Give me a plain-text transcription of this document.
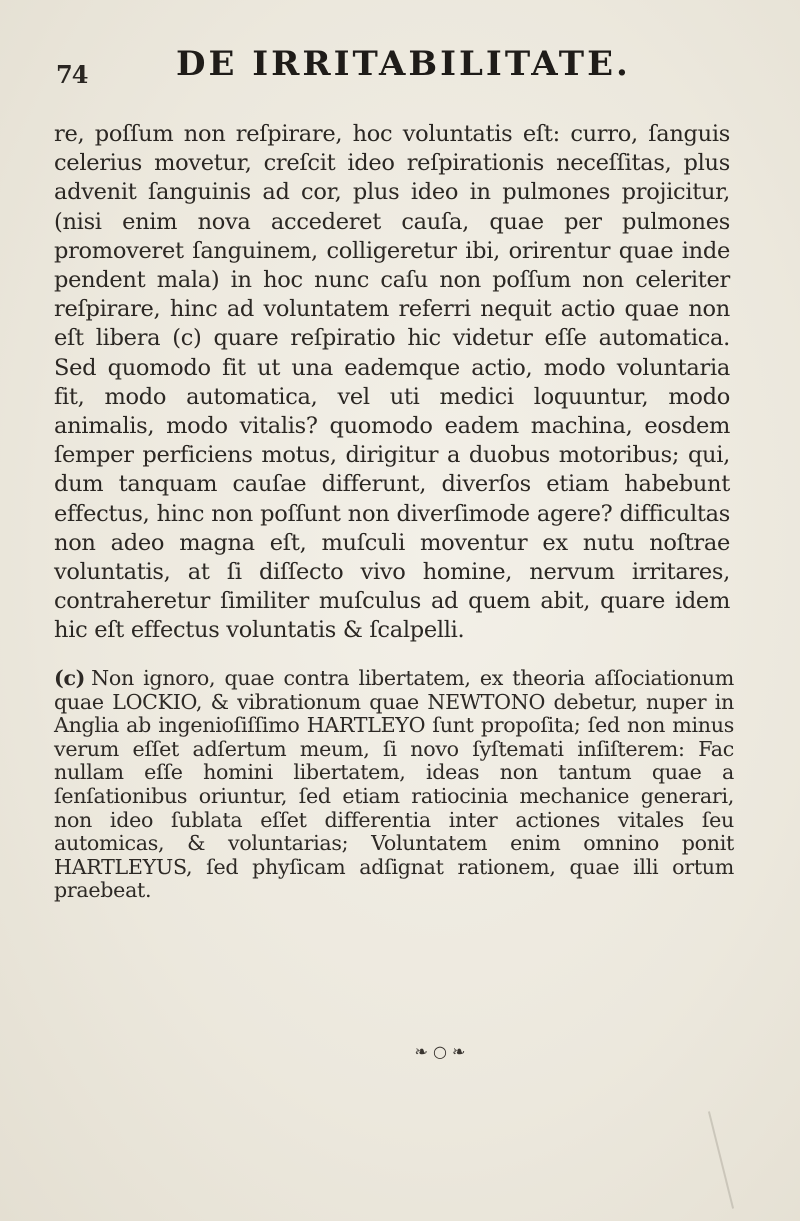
74	DE IRRITABILITATE.

re, poſſum non reſpirare, hoc voluntatis eſt: curro, ſanguis celerius movetur, creſcit ideo reſpirationis neceſſitas, plus advenit ſanguinis ad cor, plus ideo in pulmones projicitur, (nisi enim nova accederet cauſa, quae per pulmones promoveret ſanguinem, colligeretur ibi, orirentur quae inde pendent mala) in hoc nunc caſu non poſſum non celeriter reſpirare, hinc ad voluntatem referri nequit actio quae non eſt libera (c) quare reſpiratio hic videtur eſſe automatica. Sed quomodo fit ut una eademque actio, modo voluntaria fit, modo automatica, vel uti medici loquuntur, modo animalis, modo vitalis? quomodo eadem machina, eosdem ſemper perficiens motus, dirigitur a duobus motoribus; qui, dum tanquam cauſae differunt, diverſos etiam habebunt effectus, hinc non poſſunt non diverſimode agere? difficultas non adeo magna eſt, muſculi moventur ex nutu noſtrae voluntatis, at ſi diſſecto vivo homine, nervum irritares, contraheretur ſimiliter muſculus ad quem abit, quare idem hic eſt effectus voluntatis & ſcalpelli.

(c) Non ignoro, quae contra libertatem, ex theoria aſſociationum quae LOCKIO, & vibrationum quae NEWTONO debetur, nuper in Anglia ab ingenioſiſſimo HARTLEYO ſunt propoſita; ſed non minus verum eſſet adſertum meum, ſi novo ſyſtemati inſiſterem: Fac nullam eſſe homini libertatem, ideas non tantum quae a ſenſationibus oriuntur, ſed etiam ratiocinia mechanice generari, non ideo ſublata eſſet differentia inter actiones vitales ſeu automicas, & voluntarias; Voluntatem enim omnino ponit HARTLEYUS, ſed phyſicam adſignat rationem, quae illi ortum praebeat.

❧ ○ ❧
